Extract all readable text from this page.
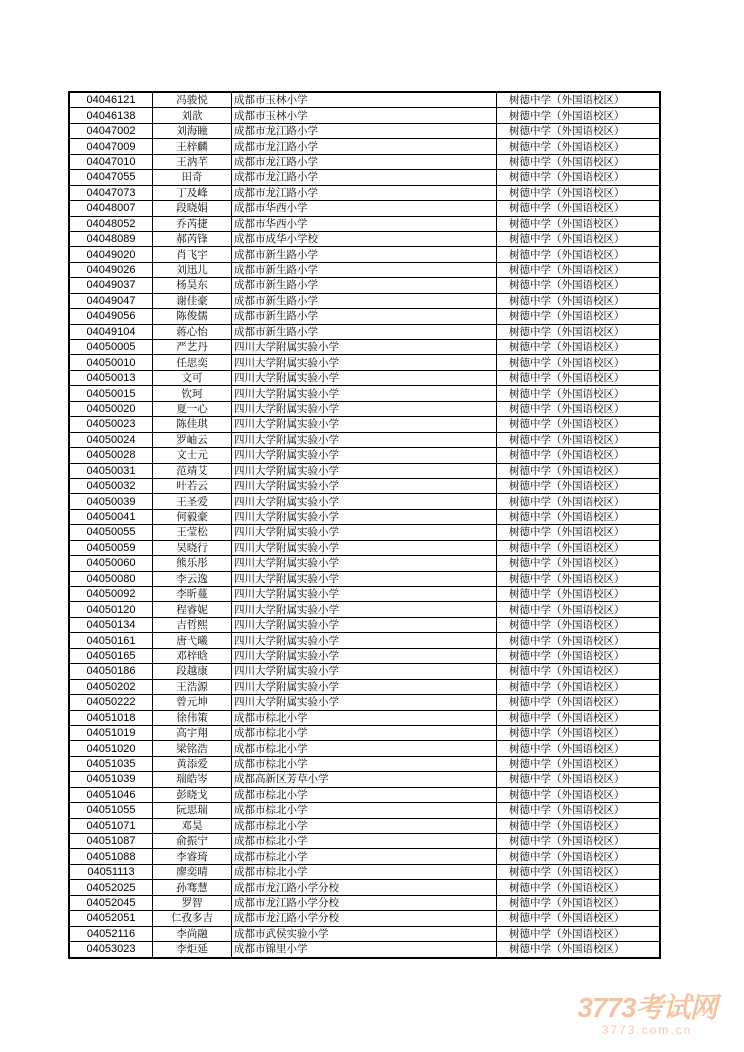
04046121	冯骏悦	成都市玉林小学	树德中学（外国语校区）
04046138	刘歆	成都市玉林小学	树德中学（外国语校区）
04047002	刘海瞳	成都市龙江路小学	树德中学（外国语校区）
04047009	王梓麟	成都市龙江路小学	树德中学（外国语校区）
04047010	王汭芊	成都市龙江路小学	树德中学（外国语校区）
04047055	田奇	成都市龙江路小学	树德中学（外国语校区）
04047073	丁及峰	成都市龙江路小学	树德中学（外国语校区）
04048007	段晓娟	成都市华西小学	树德中学（外国语校区）
04048052	乔芮捷	成都市华西小学	树德中学（外国语校区）
04048089	郝芮锋	成都市成华小学校	树德中学（外国语校区）
04049020	肖飞宇	成都市新生路小学	树德中学（外国语校区）
04049026	刘迅儿	成都市新生路小学	树德中学（外国语校区）
04049037	杨昊东	成都市新生路小学	树德中学（外国语校区）
04049047	谢佳豪	成都市新生路小学	树德中学（外国语校区）
04049056	陈俊儒	成都市新生路小学	树德中学（外国语校区）
04049104	蒋心怡	成都市新生路小学	树德中学（外国语校区）
04050005	严艺丹	四川大学附属实验小学	树德中学（外国语校区）
04050010	任思奕	四川大学附属实验小学	树德中学（外国语校区）
04050013	文可	四川大学附属实验小学	树德中学（外国语校区）
04050015	钦珂	四川大学附属实验小学	树德中学（外国语校区）
04050020	夏一心	四川大学附属实验小学	树德中学（外国语校区）
04050023	陈佳琪	四川大学附属实验小学	树德中学（外国语校区）
04050024	罗岫云	四川大学附属实验小学	树德中学（外国语校区）
04050028	文士元	四川大学附属实验小学	树德中学（外国语校区）
04050031	范靖艾	四川大学附属实验小学	树德中学（外国语校区）
04050032	叶若云	四川大学附属实验小学	树德中学（外国语校区）
04050039	王圣爱	四川大学附属实验小学	树德中学（外国语校区）
04050041	何毅豪	四川大学附属实验小学	树德中学（外国语校区）
04050055	王莹松	四川大学附属实验小学	树德中学（外国语校区）
04050059	吴晓行	四川大学附属实验小学	树德中学（外国语校区）
04050060	熊乐彤	四川大学附属实验小学	树德中学（外国语校区）
04050080	李云逸	四川大学附属实验小学	树德中学（外国语校区）
04050092	李昕蔓	四川大学附属实验小学	树德中学（外国语校区）
04050120	程睿妮	四川大学附属实验小学	树德中学（外国语校区）
04050134	吉哲熙	四川大学附属实验小学	树德中学（外国语校区）
04050161	唐弋曦	四川大学附属实验小学	树德中学（外国语校区）
04050165	邓梓晗	四川大学附属实验小学	树德中学（外国语校区）
04050186	段越康	四川大学附属实验小学	树德中学（外国语校区）
04050202	王浩源	四川大学附属实验小学	树德中学（外国语校区）
04050222	曾元坤	四川大学附属实验小学	树德中学（外国语校区）
04051018	徐伟策	成都市棕北小学	树德中学（外国语校区）
04051019	高宇翔	成都市棕北小学	树德中学（外国语校区）
04051020	梁铭浩	成都市棕北小学	树德中学（外国语校区）
04051035	黄添爱	成都市棕北小学	树德中学（外国语校区）
04051039	瑞皓岑	成都高新区芳草小学	树德中学（外国语校区）
04051046	彭晓戈	成都市棕北小学	树德中学（外国语校区）
04051055	阮思瑞	成都市棕北小学	树德中学（外国语校区）
04051071	邓昊	成都市棕北小学	树德中学（外国语校区）
04051087	俞振宁	成都市棕北小学	树德中学（外国语校区）
04051088	李睿琦	成都市棕北小学	树德中学（外国语校区）
04051113	廖奕晴	成都市棕北小学	树德中学（外国语校区）
04052025	孙骞慧	成都市龙江路小学分校	树德中学（外国语校区）
04052045	罗智	成都市龙江路小学分校	树德中学（外国语校区）
04052051	仁孜多吉	成都市龙江路小学分校	树德中学（外国语校区）
04052116	李尚融	成都市武侯实验小学	树德中学（外国语校区）
04053023	李炬延	成都市锦里小学	树德中学（外国语校区）
3773考试网
3773.com.cn
